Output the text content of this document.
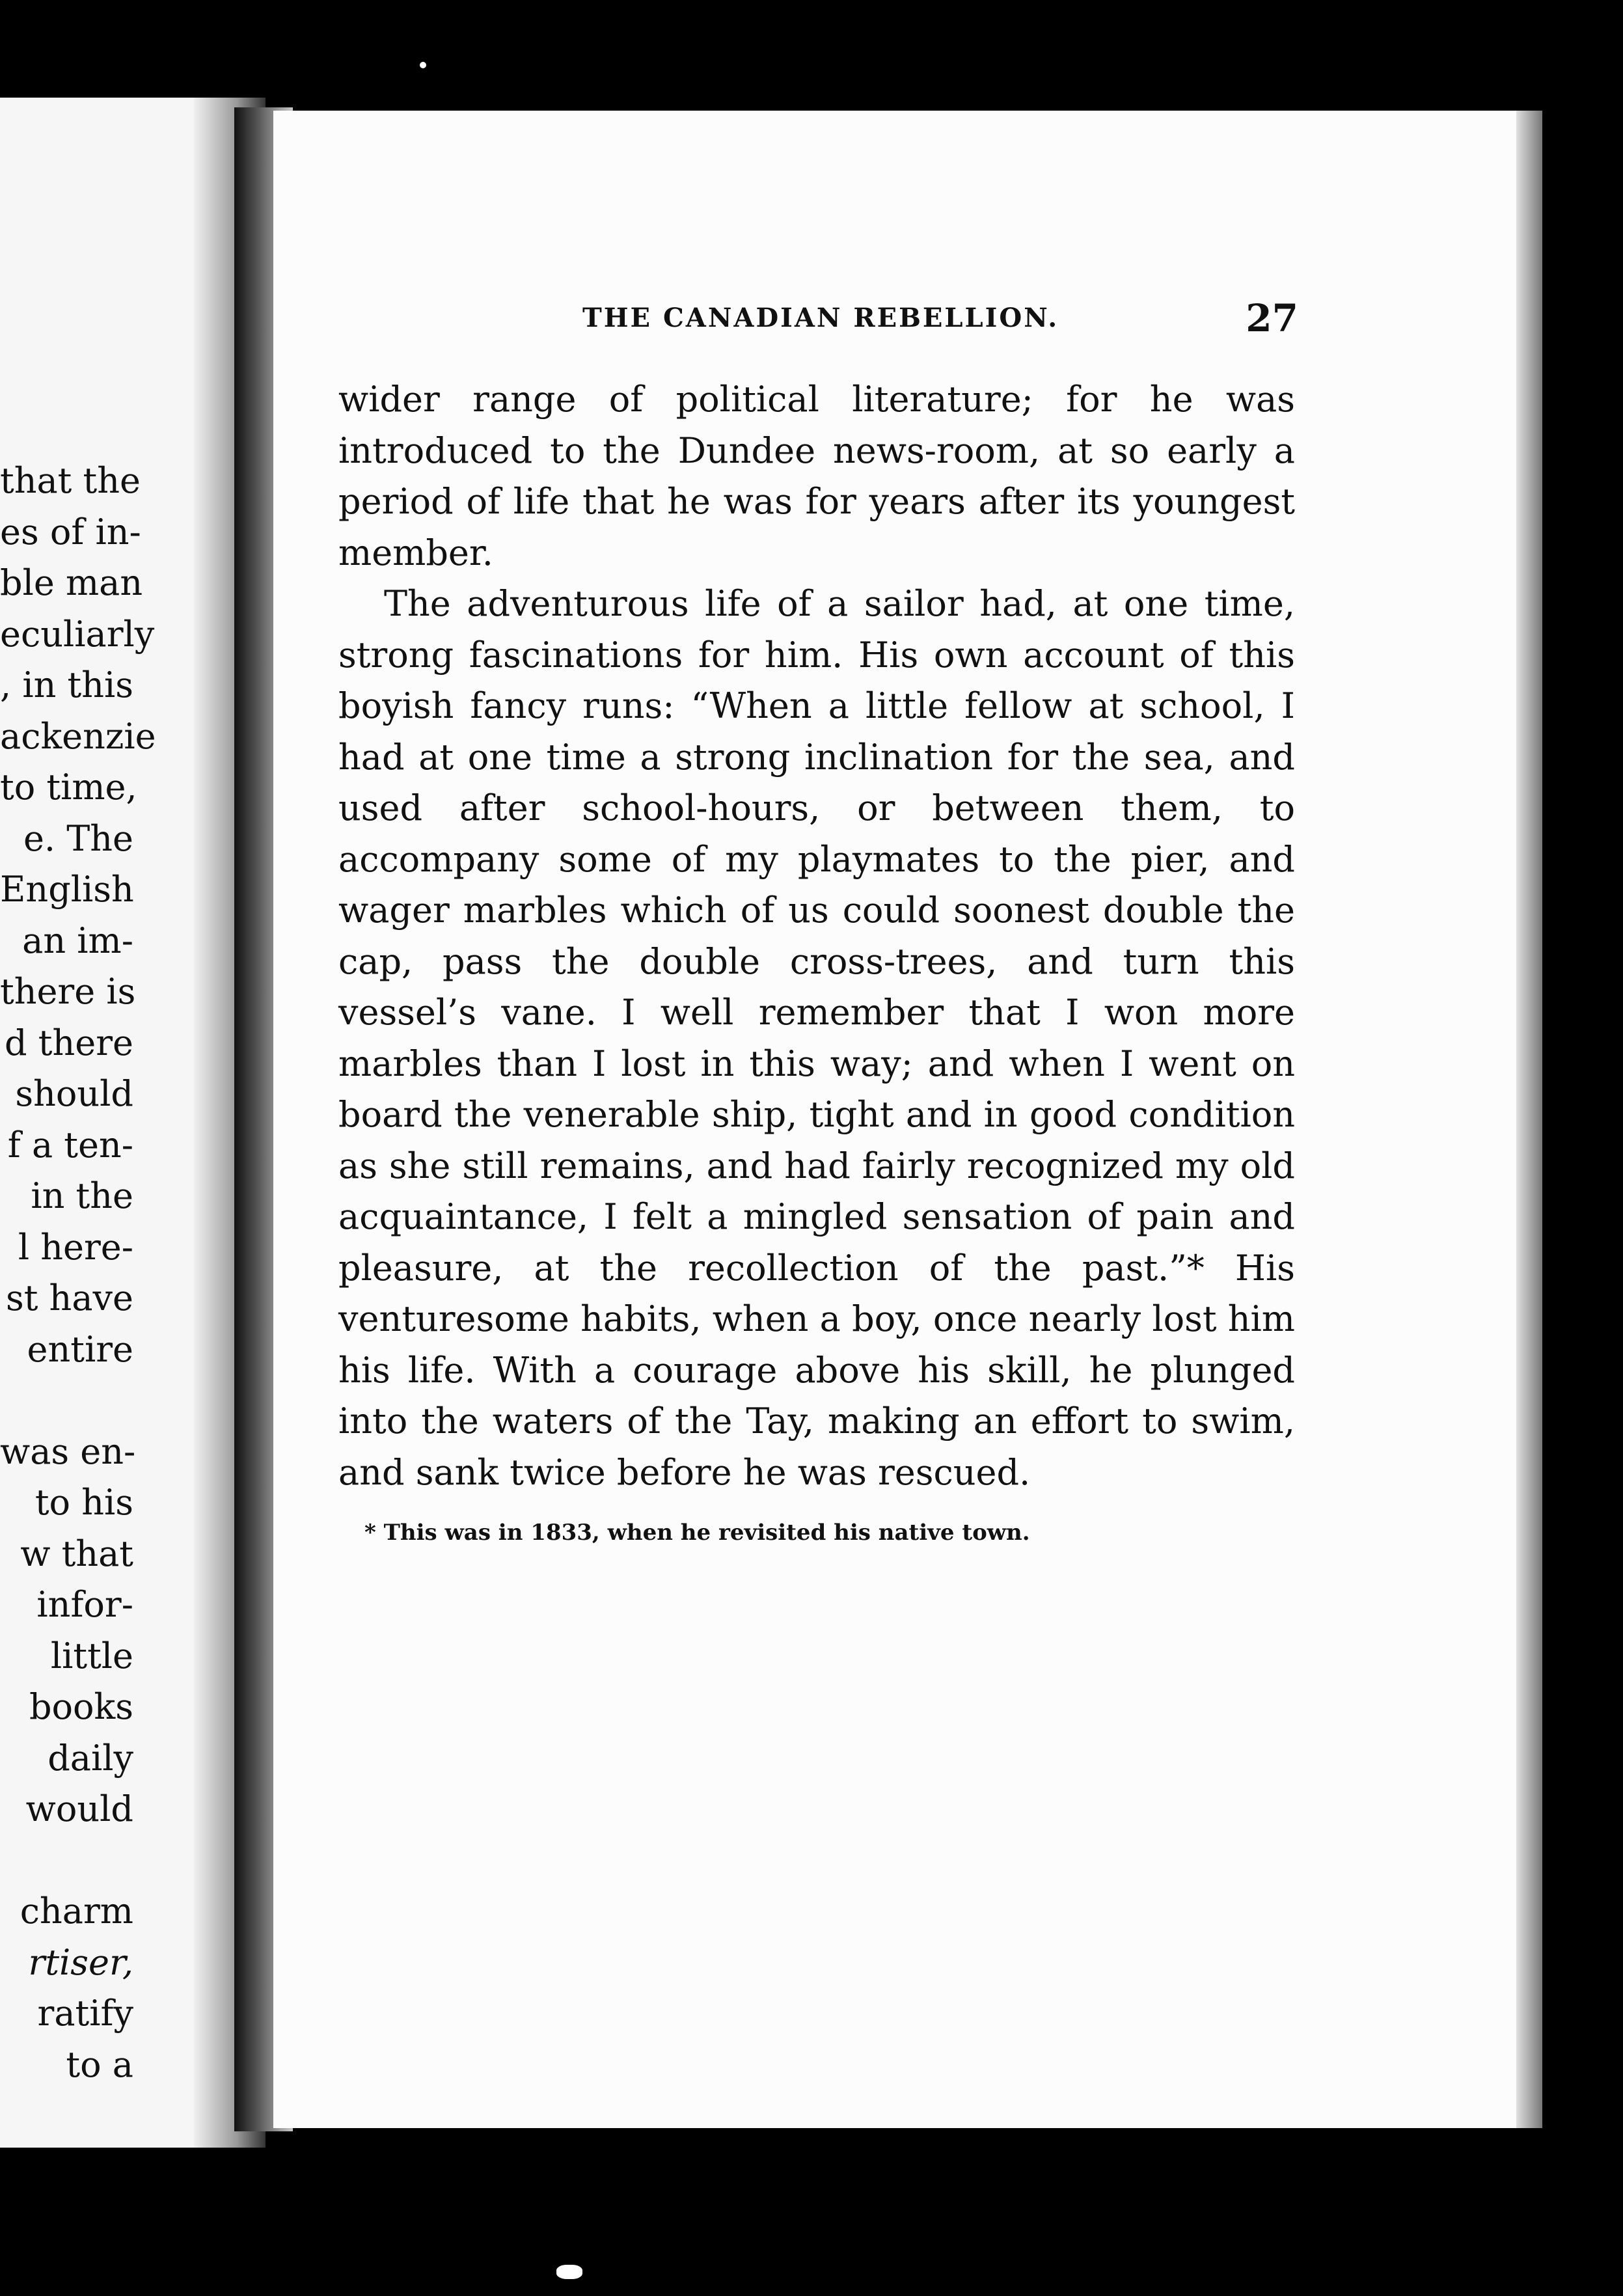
that the
es of in-
ble man
eculiarly
, in this
ackenzie
to time,
e. The
English
an im-
there is
d there
should
f a ten-
in the
l here-
st have
entire
was en-
to his
w that
infor-
little
books
daily
would
charm
rtiser,
ratify
to a
THE CANADIAN REBELLION.	27

wider range of political literature; for he was introduced to the Dundee news-room, at so early a period of life that he was for years after its youngest member.

The adventurous life of a sailor had, at one time, strong fascinations for him. His own account of this boyish fancy runs: “When a little fellow at school, I had at one time a strong inclination for the sea, and used after school-hours, or between them, to accompany some of my playmates to the pier, and wager marbles which of us could soonest double the cap, pass the double cross-trees, and turn this vessel’s vane. I well remember that I won more marbles than I lost in this way; and when I went on board the venerable ship, tight and in good condition as she still remains, and had fairly recognized my old acquaintance, I felt a mingled sensation of pain and pleasure, at the recollection of the past.”* His venturesome habits, when a boy, once nearly lost him his life. With a courage above his skill, he plunged into the waters of the Tay, making an effort to swim, and sank twice before he was rescued.

* This was in 1833, when he revisited his native town.
